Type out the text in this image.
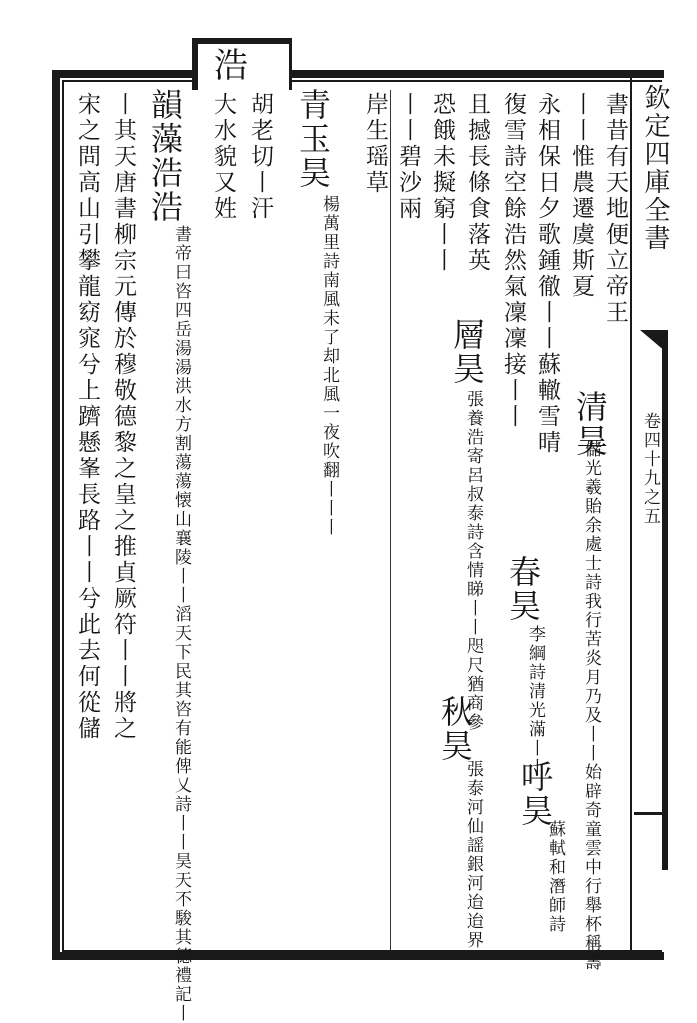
浩
欽定四庫全書
卷四十九之五
書昔有天地便立帝王
丨丨惟農遷虞斯夏
清昊
儲光羲貽余處士詩我行苦炎月乃及丨丨始辟奇童雲中行舉杯稱壽
永相保日夕歌鍾徹丨丨蘇轍雪晴
春昊
李綱詩清光滿丨丨
呼昊
蘇軾和潛師詩
復雪詩空餘浩然氣凜凜接丨丨
且撼長條食落英
層昊
張養浩寄呂叔泰詩含情睇丨丨咫尺猶商參
秋昊
張泰河仙謡銀河迨迨界
恐餓未擬窮丨丨
丨丨碧沙兩
岸生瑶草
青玉昊
楊萬里詩南風未了却北風一夜吹翻丨丨丨
胡老切丨汗
大水貌又姓
韻藻浩浩
書帝曰咨四岳湯湯洪水方割蕩蕩懐山襄陵丨丨滔天下民其咨有能俾乂詩丨丨昊天不駿其德禮記丨
丨其天唐書柳宗元傳於穆敬德黎之皇之推貞厥符丨丨將之
宋之問高山引攀龍窈窕兮上躋懸峯長路丨丨兮此去何從儲
